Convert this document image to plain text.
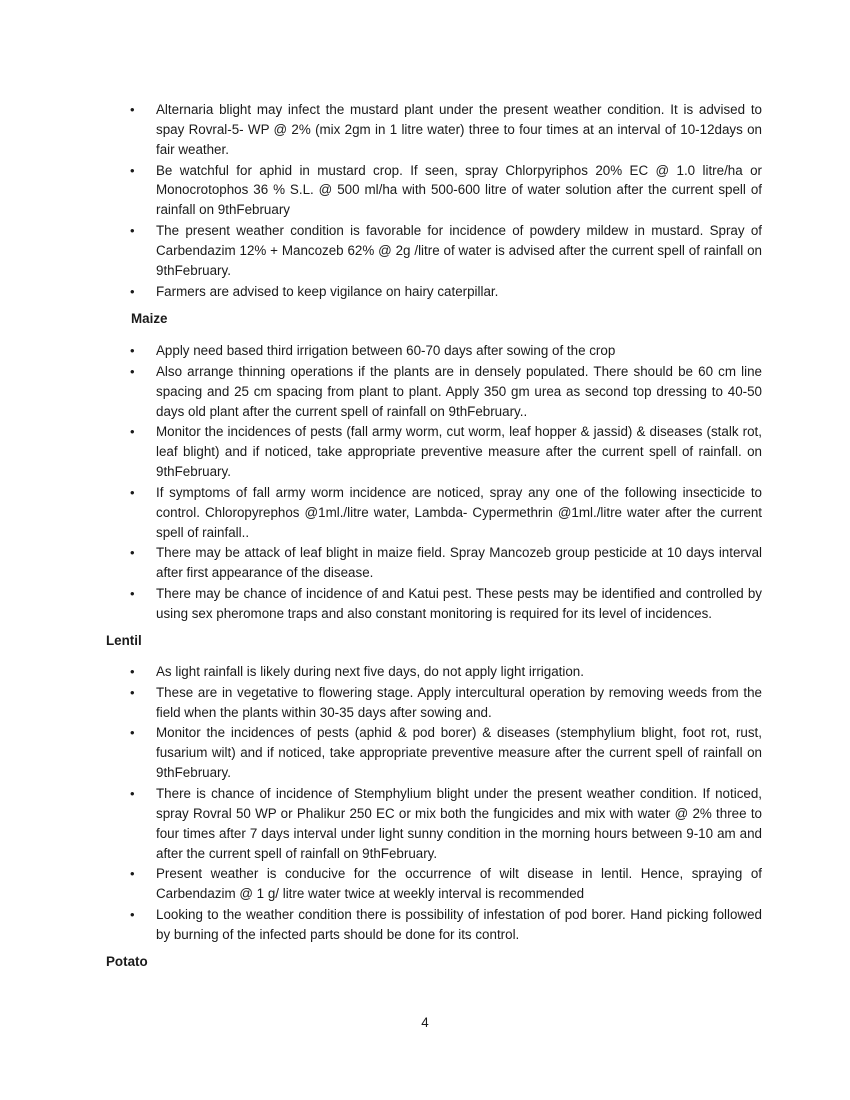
• Alternaria blight may infect the mustard plant under the present weather condition. It is advised to spay Rovral-5- WP @ 2% (mix 2gm in 1 litre water) three to four times at an interval of 10-12days on fair weather.
• Be watchful for aphid in mustard crop. If seen, spray Chlorpyriphos 20% EC @ 1.0 litre/ha or Monocrotophos 36 % S.L. @ 500 ml/ha with 500-600 litre of water solution after the current spell of rainfall on 9thFebruary
• The present weather condition is favorable for incidence of powdery mildew in mustard. Spray of Carbendazim 12% + Mancozeb 62% @ 2g /litre of water is advised after the current spell of rainfall on 9thFebruary.
• Farmers are advised to keep vigilance on hairy caterpillar.
Maize
• Apply need based third irrigation between 60-70 days after sowing of the crop
• Also arrange thinning operations if the plants are in densely populated. There should be 60 cm line spacing and 25 cm spacing from plant to plant. Apply 350 gm urea as second top dressing to 40-50 days old plant after the current spell of rainfall on 9thFebruary..
• Monitor the incidences of pests (fall army worm, cut worm, leaf hopper & jassid) & diseases (stalk rot, leaf blight) and if noticed, take appropriate preventive measure after the current spell of rainfall. on 9thFebruary.
• If symptoms of fall army worm incidence are noticed, spray any one of the following insecticide to control. Chloropyrephos @1ml./litre water, Lambda- Cypermethrin @1ml./litre water after the current spell of rainfall..
• There may be attack of leaf blight in maize field. Spray Mancozeb group pesticide at 10 days interval after first appearance of the disease.
• There may be chance of incidence of and Katui pest. These pests may be identified and controlled by using sex pheromone traps and also constant monitoring is required for its level of incidences.
Lentil
• As light rainfall is likely during next five days, do not apply light irrigation.
• These are in vegetative to flowering stage. Apply intercultural operation by removing weeds from the field when the plants within 30-35 days after sowing and.
• Monitor the incidences of pests (aphid & pod borer) & diseases (stemphylium blight, foot rot, rust, fusarium wilt) and if noticed, take appropriate preventive measure after the current spell of rainfall on 9thFebruary.
• There is chance of incidence of Stemphylium blight under the present weather condition. If noticed, spray Rovral 50 WP or Phalikur 250 EC or mix both the fungicides and mix with water @ 2% three to four times after 7 days interval under light sunny condition in the morning hours between 9-10 am and after the current spell of rainfall on 9thFebruary.
• Present weather is conducive for the occurrence of wilt disease in lentil. Hence, spraying of Carbendazim @ 1 g/ litre water twice at weekly interval is recommended
• Looking to the weather condition there is possibility of infestation of pod borer. Hand picking followed by burning of the infected parts should be done for its control.
Potato
4
